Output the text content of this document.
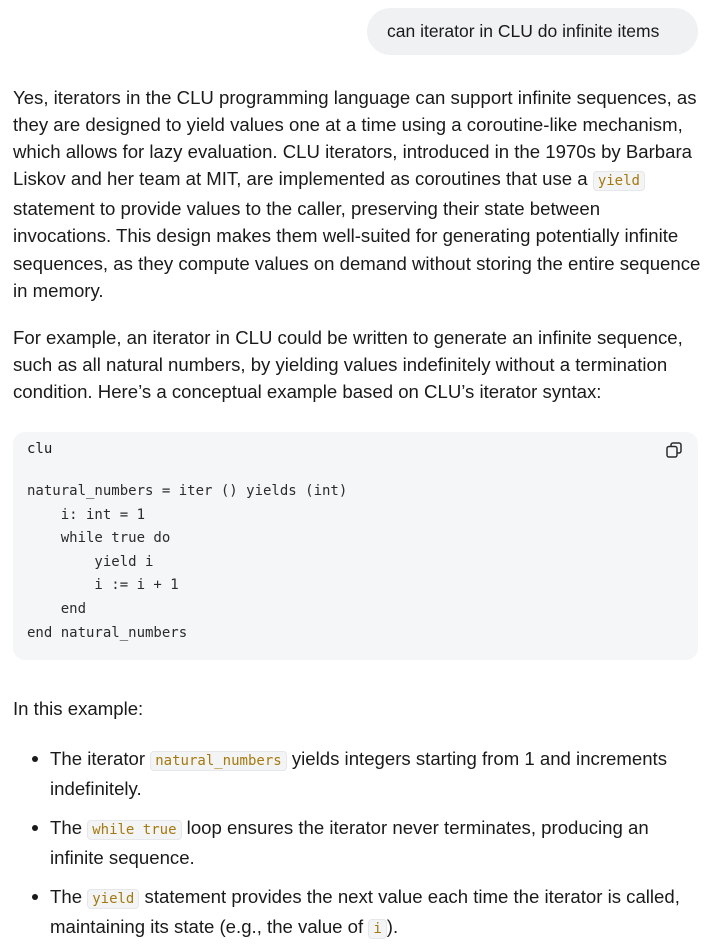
can iterator in CLU do infinite items

Yes, iterators in the CLU programming language can support infinite sequences, as they are designed to yield values one at a time using a coroutine-like mechanism, which allows for lazy evaluation. CLU iterators, introduced in the 1970s by Barbara Liskov and her team at MIT, are implemented as coroutines that use a yield statement to provide values to the caller, preserving their state between invocations. This design makes them well-suited for generating potentially infinite sequences, as they compute values on demand without storing the entire sequence in memory.

For example, an iterator in CLU could be written to generate an infinite sequence, such as all natural numbers, by yielding values indefinitely without a termination condition. Here’s a conceptual example based on CLU’s iterator syntax:

clu
natural_numbers = iter () yields (int)
i: int = 1
while true do
yield i
i := i + 1
end
end natural_numbers

In this example:

The iterator natural_numbers yields integers starting from 1 and increments indefinitely.
The while true loop ensures the iterator never terminates, producing an infinite sequence.
The yield statement provides the next value each time the iterator is called, maintaining its state (e.g., the value of i ).
